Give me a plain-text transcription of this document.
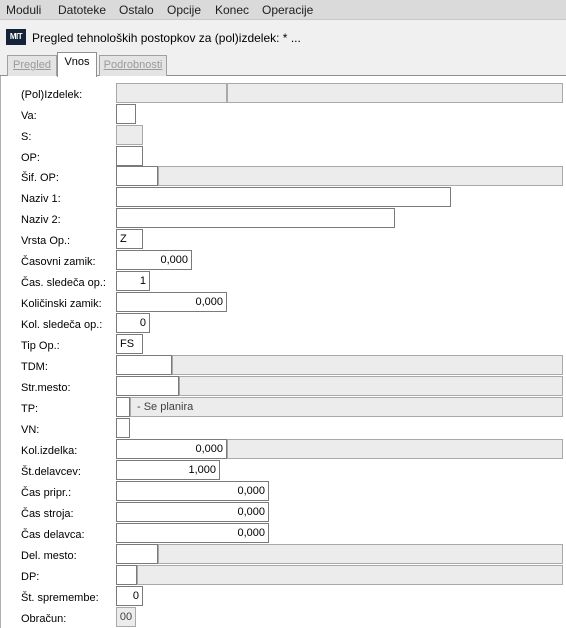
Moduli Datoteke Ostalo Opcije Konec Operacije
MIT Pregled tehnoloških postopkov za (pol)izdelek: * ...
Pregled	Vnos	Podrobnosti
(Pol)Izdelek:
Va:
S:
OP:
Šif. OP:
Naziv 1:
Naziv 2:
Vrsta Op.:	Z
Časovni zamik:	0,000
Čas. sledeča op.:	1
Količinski zamik:	0,000
Kol. sledeča op.:	0
Tip Op.:	FS
TDM:
Str.mesto:
TP:	- Se planira
VN:
Kol.izdelka:	0,000
Št.delavcev:	1,000
Čas pripr.:	0,000
Čas stroja:	0,000
Čas delavca:	0,000
Del. mesto:
DP:
Št. spremembe:	0
Obračun:	00
